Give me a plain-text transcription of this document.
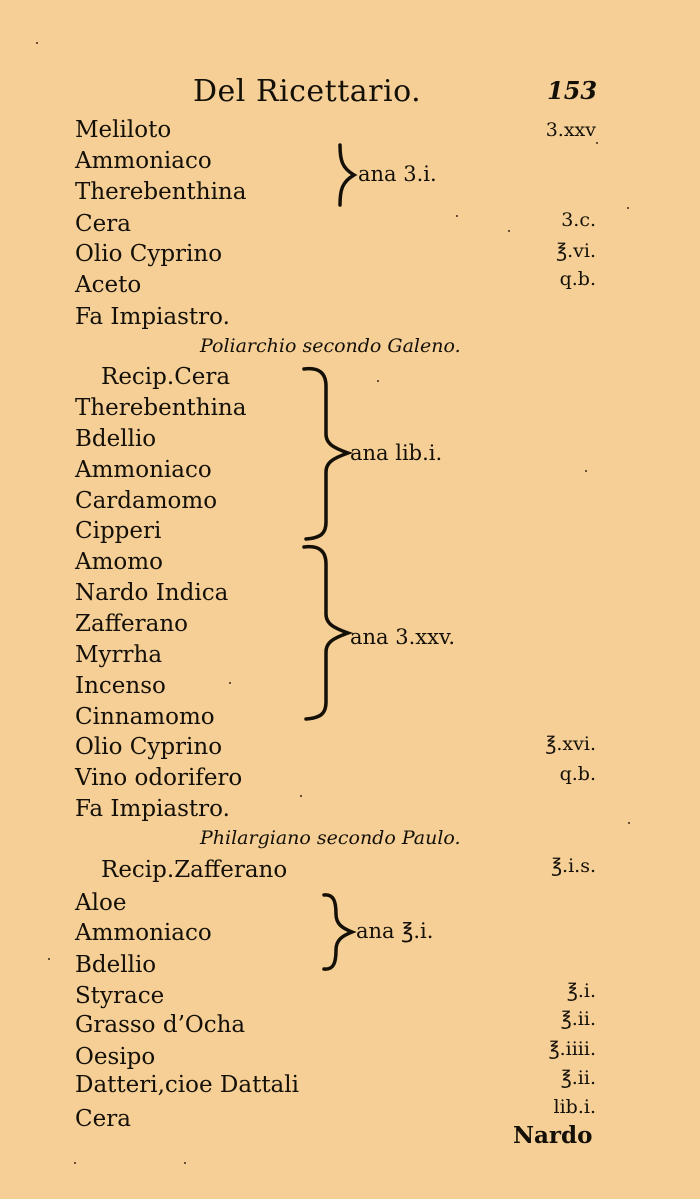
Del Ricettario.	153
Meliloto	3.xxv
Ammoniaco
Therebenthina
Cera	3.c.
Olio Cyprino	℥.vi.
Aceto	q.b.
Fa Impiastro.
ana 3.i.
Poliarchio secondo Galeno.
Recip.Cera
Therebenthina
Bdellio
Ammoniaco
Cardamomo
Cipperi
Amomo
Nardo Indica
Zafferano
Myrrha
Incenso
Cinnamomo
Olio Cyprino	℥.xvi.
Vino odorifero	q.b.
Fa Impiastro.
ana lib.i.
ana 3.xxv.
Philargiano secondo Paulo.
Recip.Zafferano	℥.i.s.
Aloe
Ammoniaco
Bdellio
Styrace	℥.i.
Grasso d’Ocha	℥.ii.
Oesipo	℥.iiii.
Datteri,cioe Dattali	℥.ii.
Cera	lib.i.
ana ℥.i.
Nardo
